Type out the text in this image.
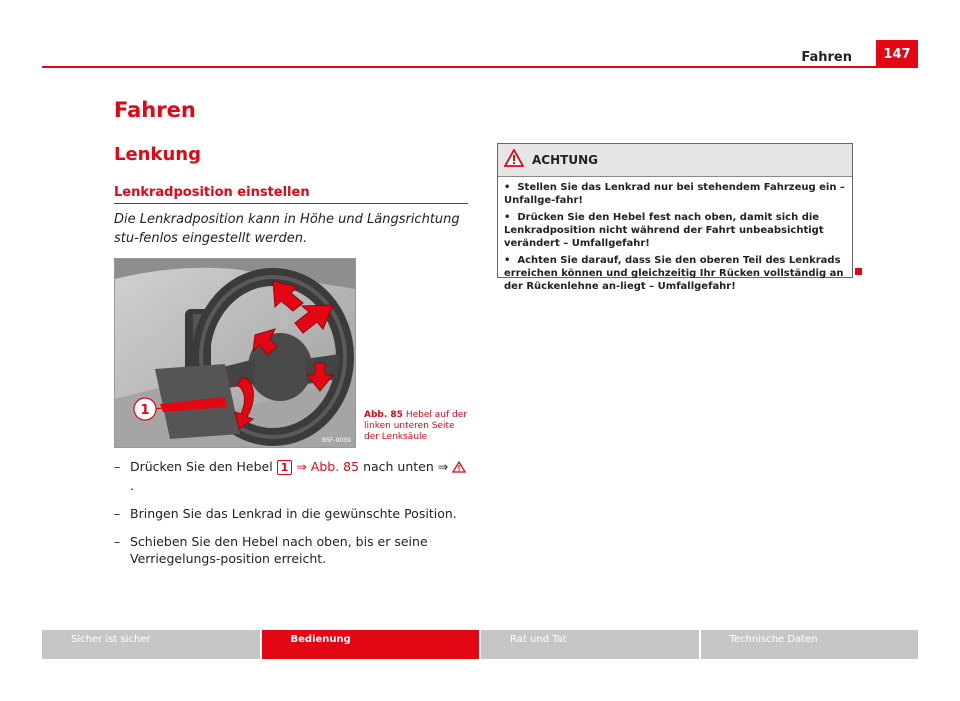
Fahren	147
Fahren
Lenkung
Lenkradposition einstellen
Die Lenkradposition kann in Höhe und Längsrichtung stu-fenlos eingestellt werden.
1
B5F-0039
Abb. 85 Hebel auf der linken unteren Seite der Lenksäule
– Drücken Sie den Hebel 1 ⇒ Abb. 85 nach unten ⇒ .
– Bringen Sie das Lenkrad in die gewünschte Position.
– Schieben Sie den Hebel nach oben, bis er seine Verriegelungs-position erreicht.
ACHTUNG
•  Stellen Sie das Lenkrad nur bei stehendem Fahrzeug ein – Unfallge-fahr!
•  Drücken Sie den Hebel fest nach oben, damit sich die Lenkradposition nicht während der Fahrt unbeabsichtigt verändert – Umfallgefahr!
•  Achten Sie darauf, dass Sie den oberen Teil des Lenkrads erreichen können und gleichzeitig Ihr Rücken vollständig an der Rückenlehne an-liegt – Umfallgefahr!
Sicher ist sicher	Bedienung	Rat und Tat	Technische Daten
